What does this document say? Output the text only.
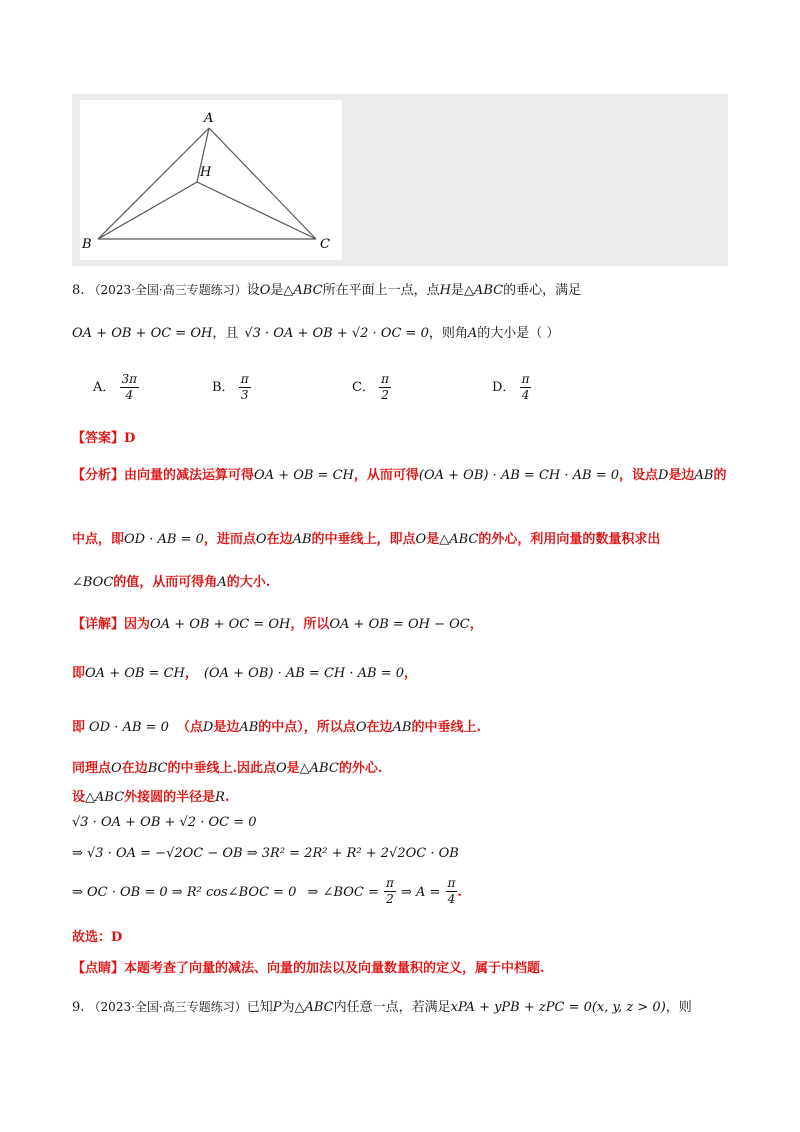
A
H
B	C
8. （2023·全国·高三专题练习）设O是△ABC所在平面上一点，点H是△ABC的垂心，满足
OA + OB + OC = OH，且 √3 · OA + OB + √2 · OC = 0，则角A的大小是（ ）
A． $\frac{3\pi}{4}$	B． $\frac{\pi}{3}$	C． $\frac{\pi}{2}$	D． $\frac{\pi}{4}$
【答案】D
【分析】由向量的减法运算可得OA + OB = CH，从而可得(OA + OB) · AB = CH · AB = 0，设点D是边AB的
中点，即OD · AB = 0，进而点O在边AB的中垂线上，即点O是△ABC的外心，利用向量的数量积求出
∠BOC的值，从而可得角A的大小.
【详解】因为OA + OB + OC = OH，所以OA + OB = OH − OC，
即OA + OB = CH， (OA + OB) · AB = CH · AB = 0，
即 OD · AB = 0 （点D是边AB的中点），所以点O在边AB的中垂线上.
同理点O在边BC的中垂线上.因此点O是△ABC的外心.
设△ABC外接圆的半径是R.
√3 · OA + OB + √2 · OC = 0
⇒ √3 · OA = −√2OC − OB ⇒ 3R² = 2R² + R² + 2√2OC · OB
⇒ OC · OB = 0 ⇒ R² cos∠BOC = 0 ⇒ ∠BOC = $\frac{\pi}{2}$ ⇒ $A = \frac{\pi}{4}$ .
故选：D
【点睛】本题考查了向量的减法、向量的加法以及向量数量积的定义，属于中档题.
9. （2023·全国·高三专题练习）已知P为△ABC内任意一点，若满足xPA + yPB + zPC = 0(x, y, z > 0)，则
